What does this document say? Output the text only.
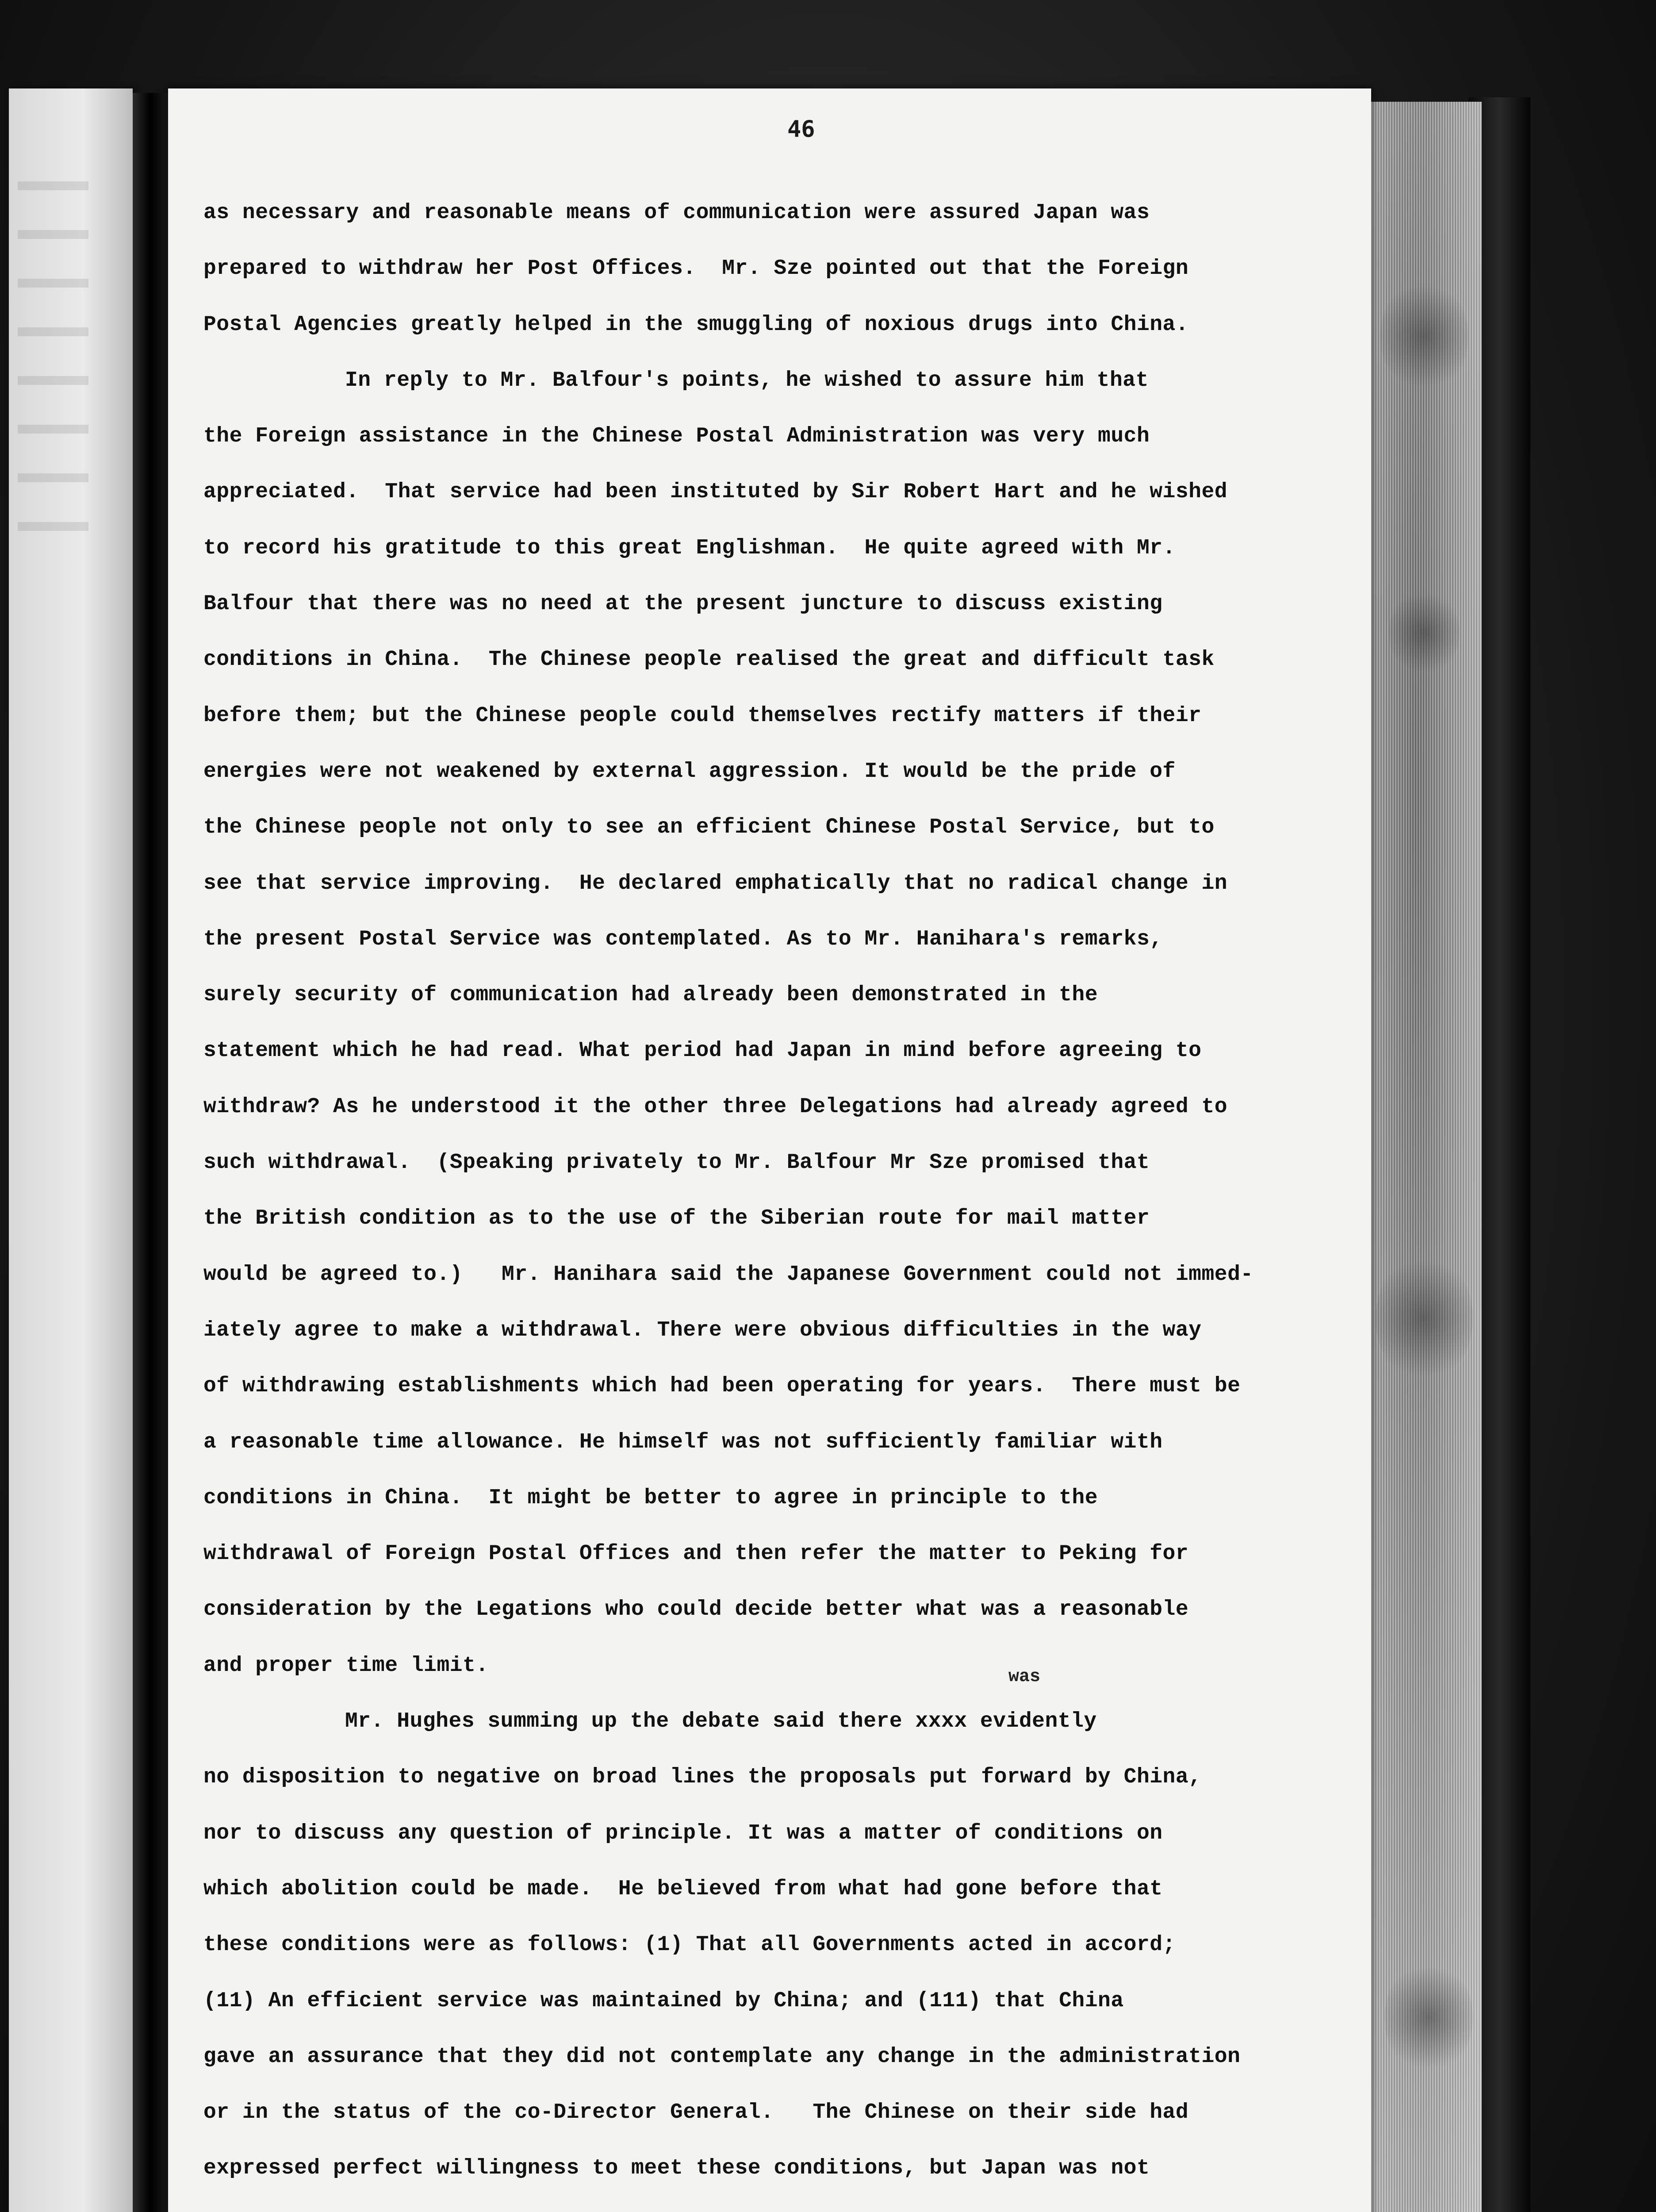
46
was
as necessary and reasonable means of communication were assured Japan was
prepared to withdraw her Post Offices.  Mr. Sze pointed out that the Foreign
Postal Agencies greatly helped in the smuggling of noxious drugs into China.
In reply to Mr. Balfour's points, he wished to assure him that
the Foreign assistance in the Chinese Postal Administration was very much
appreciated.  That service had been instituted by Sir Robert Hart and he wished
to record his gratitude to this great Englishman.  He quite agreed with Mr.
Balfour that there was no need at the present juncture to discuss existing
conditions in China.  The Chinese people realised the great and difficult task
before them; but the Chinese people could themselves rectify matters if their
energies were not weakened by external aggression. It would be the pride of
the Chinese people not only to see an efficient Chinese Postal Service, but to
see that service improving.  He declared emphatically that no radical change in
the present Postal Service was contemplated. As to Mr. Hanihara's remarks,
surely security of communication had already been demonstrated in the
statement which he had read. What period had Japan in mind before agreeing to
withdraw? As he understood it the other three Delegations had already agreed to
such withdrawal.  (Speaking privately to Mr. Balfour Mr Sze promised that
the British condition as to the use of the Siberian route for mail matter
would be agreed to.)   Mr. Hanihara said the Japanese Government could not immed-
iately agree to make a withdrawal. There were obvious difficulties in the way
of withdrawing establishments which had been operating for years.  There must be
a reasonable time allowance. He himself was not sufficiently familiar with
conditions in China.  It might be better to agree in principle to the
withdrawal of Foreign Postal Offices and then refer the matter to Peking for
consideration by the Legations who could decide better what was a reasonable
and proper time limit.
Mr. Hughes summing up the debate said there xxxx evidently
no disposition to negative on broad lines the proposals put forward by China,
nor to discuss any question of principle. It was a matter of conditions on
which abolition could be made.  He believed from what had gone before that
these conditions were as follows: (1) That all Governments acted in accord;
(11) An efficient service was maintained by China; and (111) that China
gave an assurance that they did not contemplate any change in the administration
or in the status of the co-Director General.   The Chinese on their side had
expressed perfect willingness to meet these conditions, but Japan was not
